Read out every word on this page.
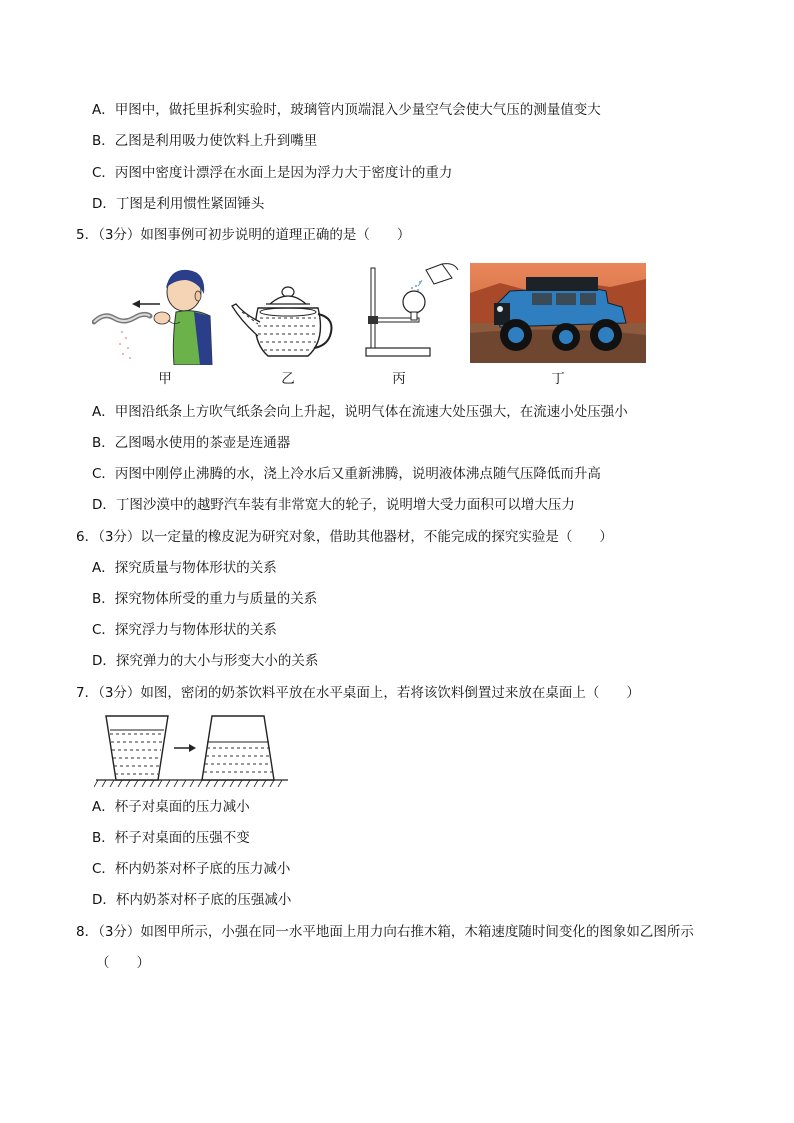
A．甲图中，做托里拆利实验时，玻璃管内顶端混入少量空气会使大气压的测量值变大
B．乙图是利用吸力使饮料上升到嘴里
C．丙图中密度计漂浮在水面上是因为浮力大于密度计的重力
D．丁图是利用惯性紧固锤头
5．（3分）如图事例可初步说明的道理正确的是（　　）
甲	乙	丙	丁
A．甲图沿纸条上方吹气纸条会向上升起，说明气体在流速大处压强大，在流速小处压强小
B．乙图喝水使用的茶壶是连通器
C．丙图中刚停止沸腾的水，浇上冷水后又重新沸腾，说明液体沸点随气压降低而升高
D．丁图沙漠中的越野汽车装有非常宽大的轮子，说明增大受力面积可以增大压力
6．（3分）以一定量的橡皮泥为研究对象，借助其他器材，不能完成的探究实验是（　　）
A．探究质量与物体形状的关系
B．探究物体所受的重力与质量的关系
C．探究浮力与物体形状的关系
D．探究弹力的大小与形变大小的关系
7．（3分）如图，密闭的奶茶饮料平放在水平桌面上，若将该饮料倒置过来放在桌面上（　　）
A．杯子对桌面的压力减小
B．杯子对桌面的压强不变
C．杯内奶茶对杯子底的压力减小
D．杯内奶茶对杯子底的压强减小
8．（3分）如图甲所示，小强在同一水平地面上用力向右推木箱，木箱速度随时间变化的图象如乙图所示
（　　）
